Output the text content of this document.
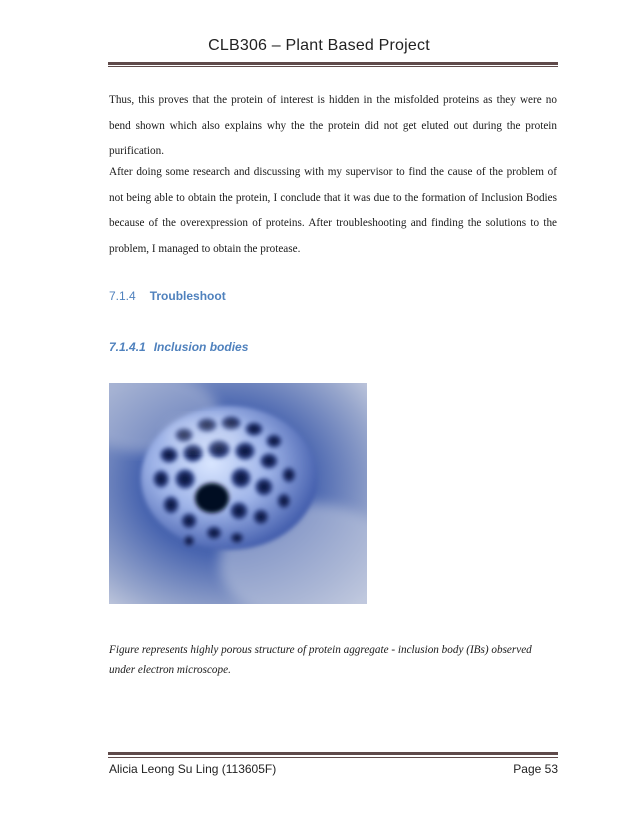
CLB306 – Plant Based Project

Thus, this proves that the protein of interest is hidden in the misfolded proteins as they were no bend shown which also explains why the the protein did not get eluted out during the protein purification.

After doing some research and discussing with my supervisor to find the cause of the problem of not being able to obtain the protein, I conclude that it was due to the formation of Inclusion Bodies because of the overexpression of proteins. After troubleshooting and finding the solutions to the problem, I managed to obtain the protease.

7.1.4 Troubleshoot
7.1.4.1 Inclusion bodies

Figure represents highly porous structure of protein aggregate - inclusion body (IBs) observed under electron microscope.

Alicia Leong Su Ling (113605F)	Page 53
